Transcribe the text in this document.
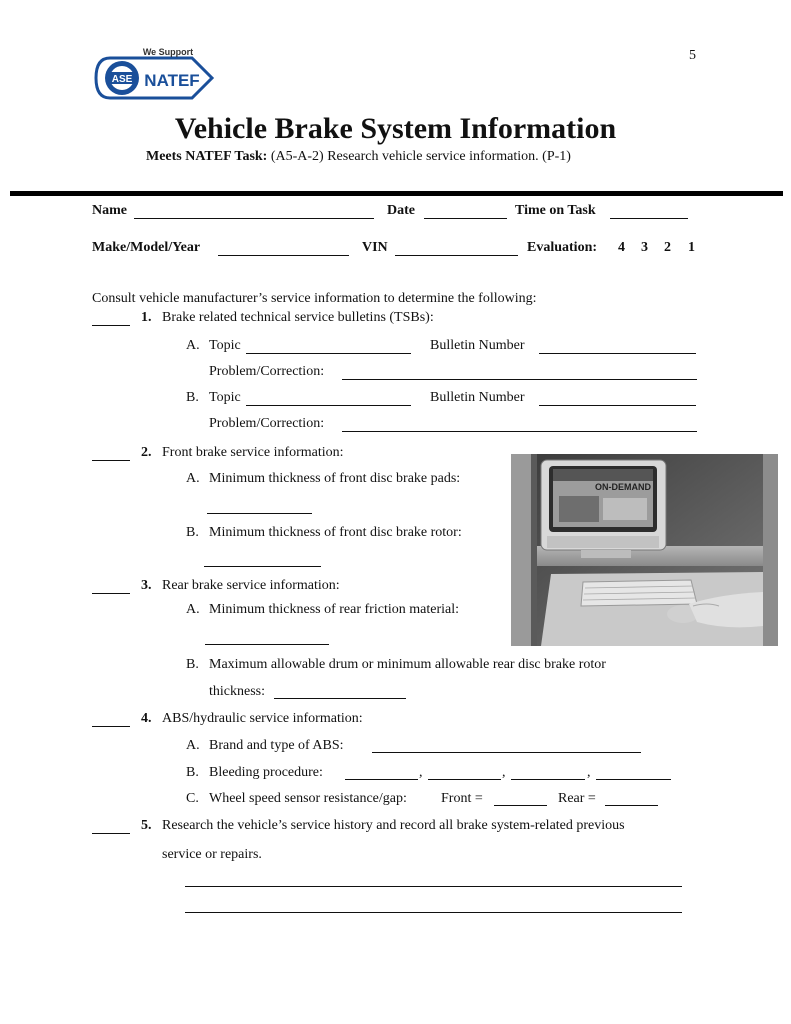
5
ASE NATEF
We Support
Vehicle Brake System Information
Meets NATEF Task: (A5-A-2) Research vehicle service information. (P-1)
Name	Date	Time on Task
Make/Model/Year	VIN	Evaluation: 4 3 2 1
Consult vehicle manufacturer’s service information to determine the following:
1. Brake related technical service bulletins (TSBs):
A. Topic	Bulletin Number
Problem/Correction:
B. Topic	Bulletin Number
Problem/Correction:
2. Front brake service information:
A. Minimum thickness of front disc brake pads:
B. Minimum thickness of front disc brake rotor:
3. Rear brake service information:
A. Minimum thickness of rear friction material:
B. Maximum allowable drum or minimum allowable rear disc brake rotor
thickness:
4. ABS/hydraulic service information:
A. Brand and type of ABS:
B. Bleeding procedure:	,	,	,
C. Wheel speed sensor resistance/gap: Front =	Rear =
5. Research the vehicle’s service history and record all brake system-related previous
service or repairs.
ON-DEMAND
